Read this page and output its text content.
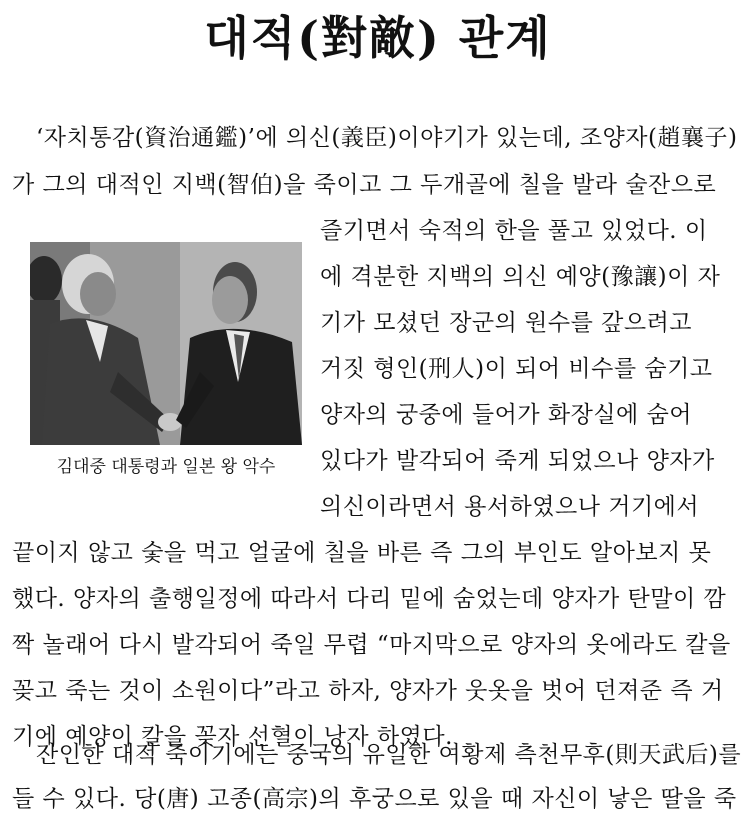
대적(對敵) 관계
‘자치통감(資治通鑑)’에 의신(義臣)이야기가 있는데, 조양자(趙襄子)
가 그의 대적인 지백(智伯)을 죽이고 그 두개골에 칠을 발라 술잔으로
즐기면서 숙적의 한을 풀고 있었다. 이
에 격분한 지백의 의신 예양(豫讓)이 자
기가 모셨던 장군의 원수를 갚으려고
거짓 형인(刑人)이 되어 비수를 숨기고
양자의 궁중에 들어가 화장실에 숨어
있다가 발각되어 죽게 되었으나 양자가
의신이라면서 용서하였으나 거기에서
끝이지 않고 숯을 먹고 얼굴에 칠을 바른 즉 그의 부인도 알아보지 못
했다. 양자의 출행일정에 따라서 다리 밑에 숨었는데 양자가 탄말이 깜
짝 놀래어 다시 발각되어 죽일 무렵 “마지막으로 양자의 옷에라도 칼을
꽂고 죽는 것이 소원이다”라고 하자, 양자가 웃옷을 벗어 던져준 즉 거
기에 예양이 칼을 꽂자 선혈이 낭자 하였다.
잔인한 대적 죽이기에는 중국의 유일한 여황제 측천무후(則天武后)를
들 수 있다. 당(唐) 고종(高宗)의 후궁으로 있을 때 자신이 낳은 딸을 죽
김대중 대통령과 일본 왕 악수
